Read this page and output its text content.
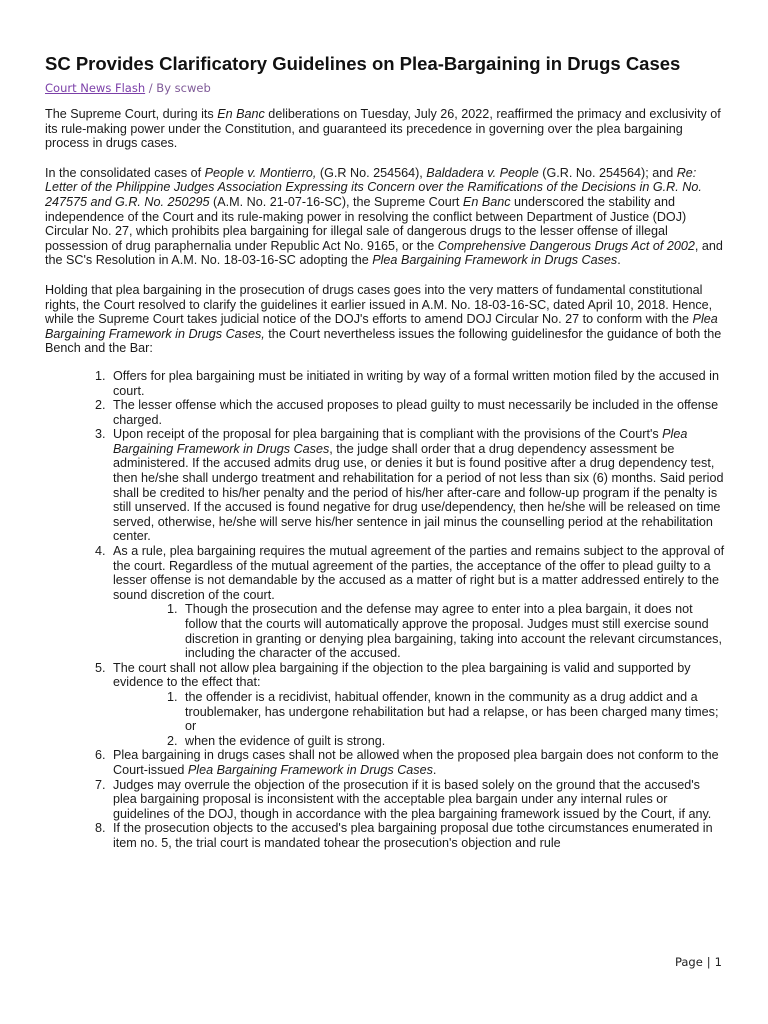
SC Provides Clarificatory Guidelines on Plea-Bargaining in Drugs Cases
Court News Flash / By scweb

The Supreme Court, during its En Banc deliberations on Tuesday, July 26, 2022, reaffirmed the primacy and exclusivity of its rule-making power under the Constitution, and guaranteed its precedence in governing over the plea bargaining process in drugs cases.

In the consolidated cases of People v. Montierro, (G.R No. 254564), Baldadera v. People (G.R. No. 254564); and Re: Letter of the Philippine Judges Association Expressing its Concern over the Ramifications of the Decisions in G.R. No. 247575 and G.R. No. 250295 (A.M. No. 21-07-16-SC), the Supreme Court En Banc underscored the stability and independence of the Court and its rule-making power in resolving the conflict between Department of Justice (DOJ) Circular No. 27, which prohibits plea bargaining for illegal sale of dangerous drugs to the lesser offense of illegal possession of drug paraphernalia under Republic Act No. 9165, or the Comprehensive Dangerous Drugs Act of 2002, and the SC's Resolution in A.M. No. 18-03-16-SC adopting the Plea Bargaining Framework in Drugs Cases.

Holding that plea bargaining in the prosecution of drugs cases goes into the very matters of fundamental constitutional rights, the Court resolved to clarify the guidelines it earlier issued in A.M. No. 18-03-16-SC, dated April 10, 2018. Hence, while the Supreme Court takes judicial notice of the DOJ's efforts to amend DOJ Circular No. 27 to conform with the Plea Bargaining Framework in Drugs Cases, the Court nevertheless issues the following guidelinesfor the guidance of both the Bench and the Bar:

1. Offers for plea bargaining must be initiated in writing by way of a formal written motion filed by the accused in court.
2. The lesser offense which the accused proposes to plead guilty to must necessarily be included in the offense charged.
3. Upon receipt of the proposal for plea bargaining that is compliant with the provisions of the Court's Plea Bargaining Framework in Drugs Cases, the judge shall order that a drug dependency assessment be administered. If the accused admits drug use, or denies it but is found positive after a drug dependency test, then he/she shall undergo treatment and rehabilitation for a period of not less than six (6) months. Said period shall be credited to his/her penalty and the period of his/her after-care and follow-up program if the penalty is still unserved. If the accused is found negative for drug use/dependency, then he/she will be released on time served, otherwise, he/she will serve his/her sentence in jail minus the counselling period at the rehabilitation center.
4. As a rule, plea bargaining requires the mutual agreement of the parties and remains subject to the approval of the court. Regardless of the mutual agreement of the parties, the acceptance of the offer to plead guilty to a lesser offense is not demandable by the accused as a matter of right but is a matter addressed entirely to the sound discretion of the court.
1. Though the prosecution and the defense may agree to enter into a plea bargain, it does not follow that the courts will automatically approve the proposal. Judges must still exercise sound discretion in granting or denying plea bargaining, taking into account the relevant circumstances, including the character of the accused.
5. The court shall not allow plea bargaining if the objection to the plea bargaining is valid and supported by evidence to the effect that:
1. the offender is a recidivist, habitual offender, known in the community as a drug addict and a troublemaker, has undergone rehabilitation but had a relapse, or has been charged many times; or
2. when the evidence of guilt is strong.
6. Plea bargaining in drugs cases shall not be allowed when the proposed plea bargain does not conform to the Court-issued Plea Bargaining Framework in Drugs Cases.
7. Judges may overrule the objection of the prosecution if it is based solely on the ground that the accused's plea bargaining proposal is inconsistent with the acceptable plea bargain under any internal rules or guidelines of the DOJ, though in accordance with the plea bargaining framework issued by the Court, if any.
8. If the prosecution objects to the accused's plea bargaining proposal due tothe circumstances enumerated in item no. 5, the trial court is mandated tohear the prosecution's objection and rule
Page | 1
